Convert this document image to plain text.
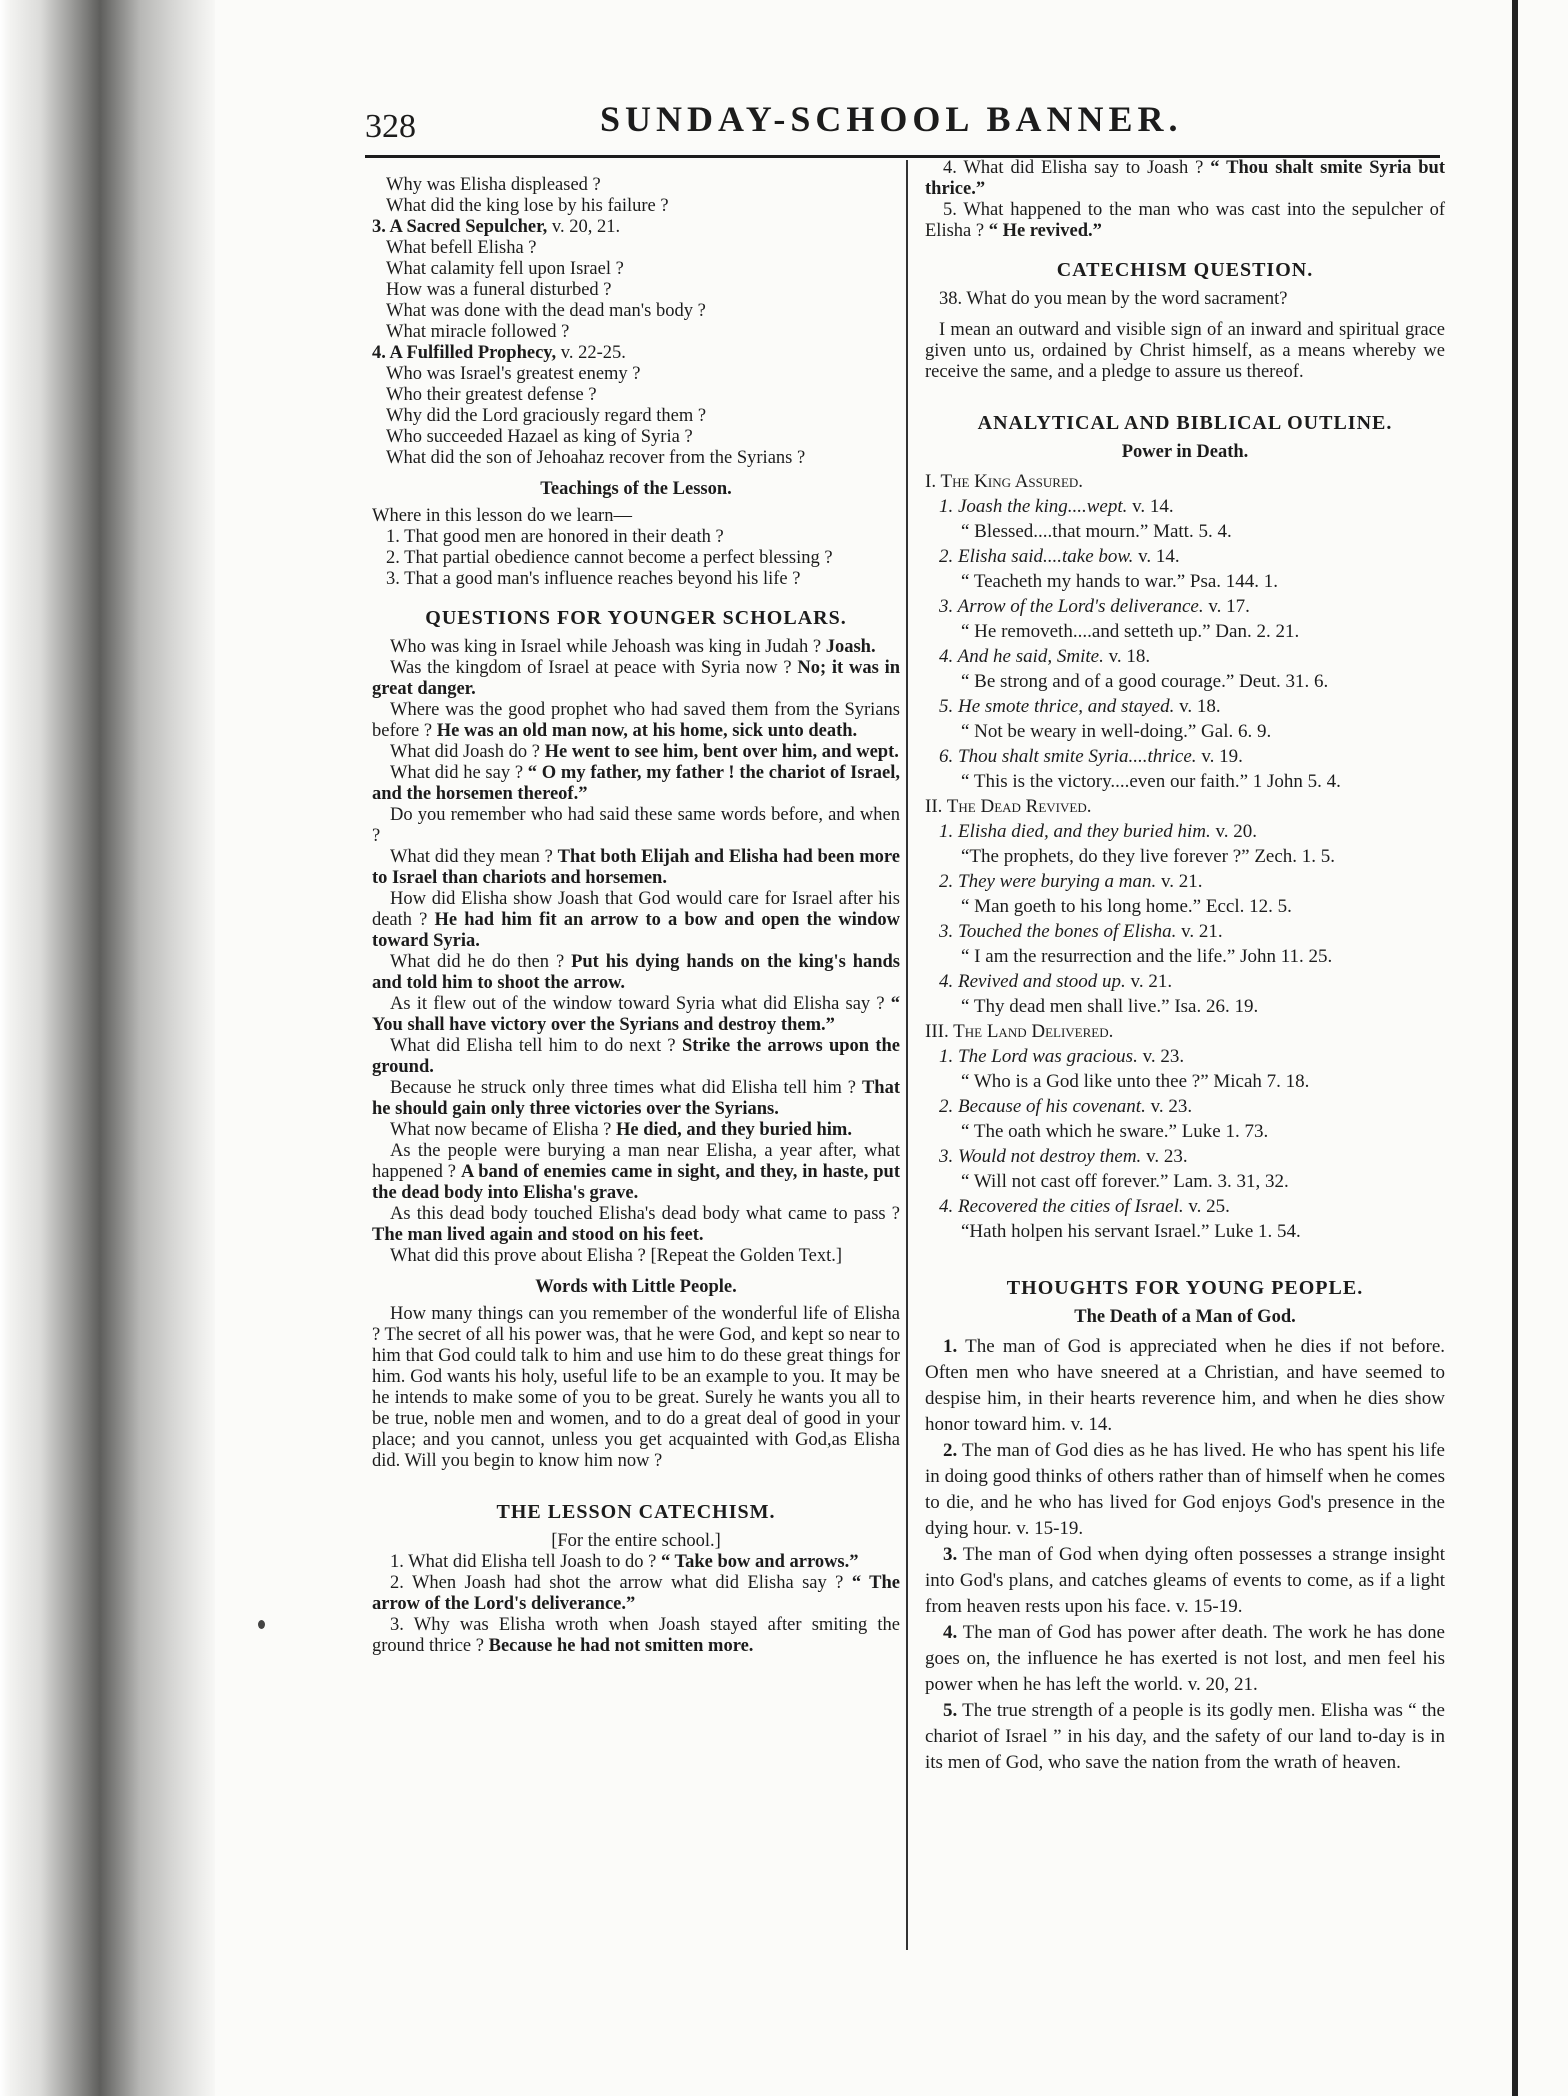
328	SUNDAY-SCHOOL BANNER.

Why was Elisha displeased ?

What did the king lose by his failure ?

3. A Sacred Sepulcher, v. 20, 21.

What befell Elisha ?

What calamity fell upon Israel ?

How was a funeral disturbed ?

What was done with the dead man's body ?

What miracle followed ?

4. A Fulfilled Prophecy, v. 22-25.

Who was Israel's greatest enemy ?

Who their greatest defense ?

Why did the Lord graciously regard them ?

Who succeeded Hazael as king of Syria ?

What did the son of Jehoahaz recover from the Syrians ?

Teachings of the Lesson.

Where in this lesson do we learn—

1. That good men are honored in their death ?

2. That partial obedience cannot become a perfect blessing ?

3. That a good man's influence reaches beyond his life ?

QUESTIONS FOR YOUNGER SCHOLARS.

Who was king in Israel while Jehoash was king in Judah ? Joash.

Was the kingdom of Israel at peace with Syria now ? No; it was in great danger.

Where was the good prophet who had saved them from the Syrians before ? He was an old man now, at his home, sick unto death.

What did Joash do ? He went to see him, bent over him, and wept.

What did he say ? “ O my father, my father ! the chariot of Israel, and the horsemen thereof.”

Do you remember who had said these same words before, and when ?

What did they mean ? That both Elijah and Elisha had been more to Israel than chariots and horsemen.

How did Elisha show Joash that God would care for Israel after his death ? He had him fit an arrow to a bow and open the window toward Syria.

What did he do then ? Put his dying hands on the king's hands and told him to shoot the arrow.

As it flew out of the window toward Syria what did Elisha say ? “ You shall have victory over the Syrians and destroy them.”

What did Elisha tell him to do next ? Strike the arrows upon the ground.

Because he struck only three times what did Elisha tell him ? That he should gain only three victories over the Syrians.

What now became of Elisha ? He died, and they buried him.

As the people were burying a man near Elisha, a year after, what happened ? A band of enemies came in sight, and they, in haste, put the dead body into Elisha's grave.

As this dead body touched Elisha's dead body what came to pass ? The man lived again and stood on his feet.

What did this prove about Elisha ? [Repeat the Golden Text.]

Words with Little People.

How many things can you remember of the wonderful life of Elisha ? The secret of all his power was, that he were God, and kept so near to him that God could talk to him and use him to do these great things for him. God wants his holy, useful life to be an example to you. It may be he intends to make some of you to be great. Surely he wants you all to be true, noble men and women, and to do a great deal of good in your place; and you cannot, unless you get acquainted with God,as Elisha did. Will you begin to know him now ?

THE LESSON CATECHISM.

[For the entire school.]

1. What did Elisha tell Joash to do ? “ Take bow and arrows.”

2. When Joash had shot the arrow what did Elisha say ? “ The arrow of the Lord's deliverance.”

3. Why was Elisha wroth when Joash stayed after smiting the ground thrice ? Because he had not smitten more.

4. What did Elisha say to Joash ? “ Thou shalt smite Syria but thrice.”

5. What happened to the man who was cast into the sepulcher of Elisha ? “ He revived.”

CATECHISM QUESTION.

38. What do you mean by the word sacrament?

I mean an outward and visible sign of an inward and spiritual grace given unto us, ordained by Christ himself, as a means whereby we receive the same, and a pledge to assure us thereof.

ANALYTICAL AND BIBLICAL OUTLINE.

Power in Death.

I. The King Assured.

1. Joash the king....wept. v. 14.

“ Blessed....that mourn.” Matt. 5. 4.

2. Elisha said....take bow. v. 14.

“ Teacheth my hands to war.” Psa. 144. 1.

3. Arrow of the Lord's deliverance. v. 17.

“ He removeth....and setteth up.” Dan. 2. 21.

4. And he said, Smite. v. 18.

“ Be strong and of a good courage.” Deut. 31. 6.

5. He smote thrice, and stayed. v. 18.

“ Not be weary in well-doing.” Gal. 6. 9.

6. Thou shalt smite Syria....thrice. v. 19.

“ This is the victory....even our faith.” 1 John 5. 4.

II. The Dead Revived.

1. Elisha died, and they buried him. v. 20.

“The prophets, do they live forever ?” Zech. 1. 5.

2. They were burying a man. v. 21.

“ Man goeth to his long home.” Eccl. 12. 5.

3. Touched the bones of Elisha. v. 21.

“ I am the resurrection and the life.” John 11. 25.

4. Revived and stood up. v. 21.

“ Thy dead men shall live.” Isa. 26. 19.

III. The Land Delivered.

1. The Lord was gracious. v. 23.

“ Who is a God like unto thee ?” Micah 7. 18.

2. Because of his covenant. v. 23.

“ The oath which he sware.” Luke 1. 73.

3. Would not destroy them. v. 23.

“ Will not cast off forever.” Lam. 3. 31, 32.

4. Recovered the cities of Israel. v. 25.

“Hath holpen his servant Israel.” Luke 1. 54.

THOUGHTS FOR YOUNG PEOPLE.

The Death of a Man of God.

1. The man of God is appreciated when he dies if not before. Often men who have sneered at a Christian, and have seemed to despise him, in their hearts reverence him, and when he dies show honor toward him. v. 14.

2. The man of God dies as he has lived. He who has spent his life in doing good thinks of others rather than of himself when he comes to die, and he who has lived for God enjoys God's presence in the dying hour. v. 15-19.

3. The man of God when dying often possesses a strange insight into God's plans, and catches gleams of events to come, as if a light from heaven rests upon his face. v. 15-19.

4. The man of God has power after death. The work he has done goes on, the influence he has exerted is not lost, and men feel his power when he has left the world. v. 20, 21.

5. The true strength of a people is its godly men. Elisha was “ the chariot of Israel ” in his day, and the safety of our land to-day is in its men of God, who save the nation from the wrath of heaven.
